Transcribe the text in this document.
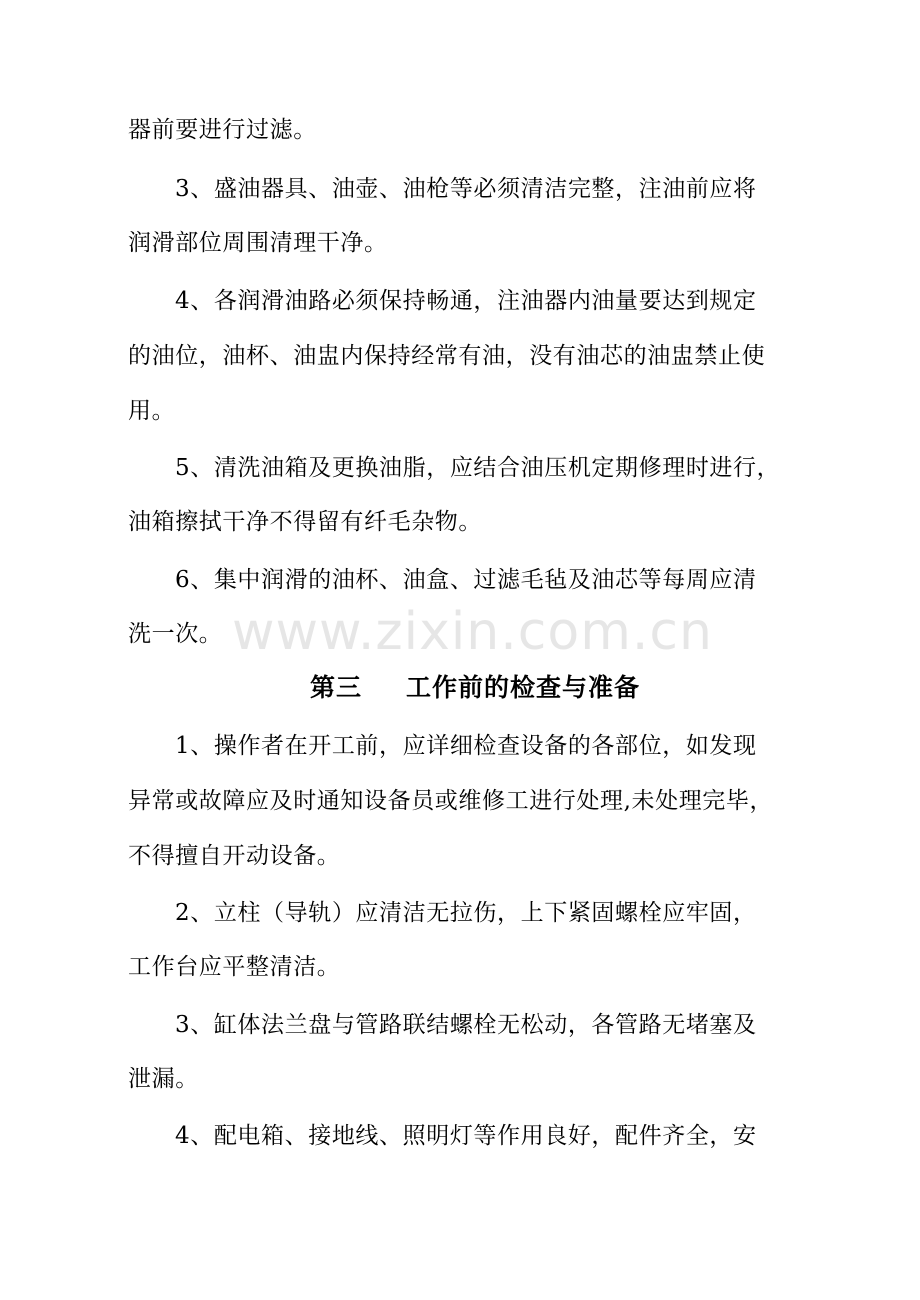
www.zixin.com.cn
器前要进行过滤。
3、盛油器具、油壶、油枪等必须清洁完整，注油前应将
润滑部位周围清理干净。
4、各润滑油路必须保持畅通，注油器内油量要达到规定
的油位，油杯、油盅内保持经常有油，没有油芯的油盅禁止使
用。
5、清洗油箱及更换油脂，应结合油压机定期修理时进行，
油箱擦拭干净不得留有纤毛杂物。
6、集中润滑的油杯、油盒、过滤毛毡及油芯等每周应清
洗一次。
第三 工作前的检查与准备
1、操作者在开工前，应详细检查设备的各部位，如发现
异常或故障应及时通知设备员或维修工进行处理,未处理完毕，
不得擅自开动设备。
2、立柱（导轨）应清洁无拉伤，上下紧固螺栓应牢固，
工作台应平整清洁。
3、缸体法兰盘与管路联结螺栓无松动，各管路无堵塞及
泄漏。
4、配电箱、接地线、照明灯等作用良好，配件齐全，安
